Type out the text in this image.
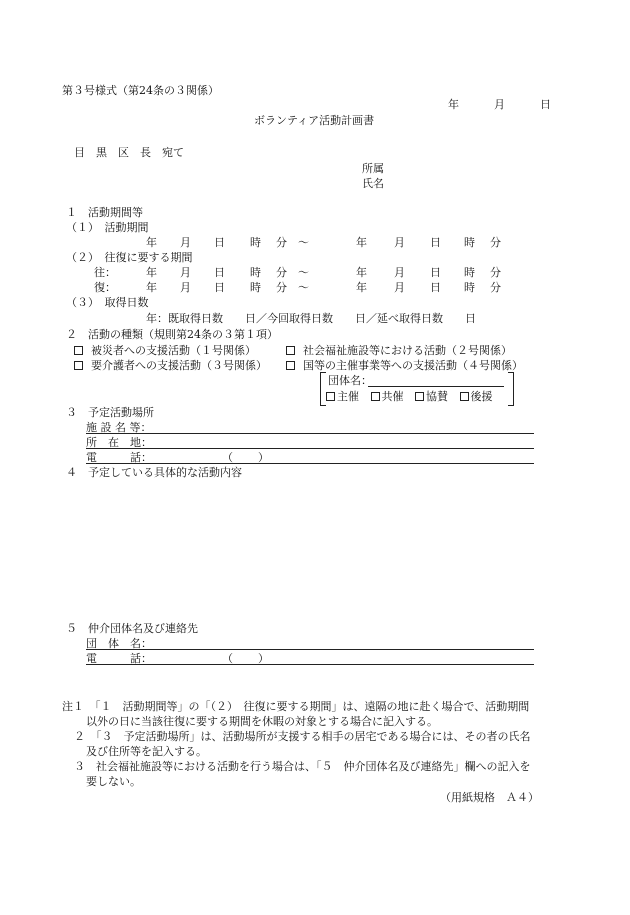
第３号様式（第24条の３関係）
年	月	日
ボランティア活動計画書
目　黒　区　長　宛て
所属
氏名
１　活動期間等
（１）　活動期間
年 月 日 時 分 〜	年 月 日 時 分
（２）　往復に要する期間
往：	年 月 日 時 分 〜	年 月 日 時 分
復：	年 月 日 時 分 〜	年 月 日 時 分
（３）　取得日数
年：既取得日数　　日／今回取得日数　　日／延べ取得日数　　日
２　活動の種類（規則第24条の３第１項）
被災者への支援活動（１号関係）	社会福祉施設等における活動（２号関係）
要介護者への支援活動（３号関係）	国等の主催事業等への支援活動（４号関係）
団体名：
主催 共催 協賛 後援
３　予定活動場所
施 設 名 等：
所　在　地：
電　　　話：	（ ）
４　予定している具体的な活動内容
５　仲介団体名及び連絡先
団　体　名：
電　　　話：	（ ）
注１　「１　活動期間等」の「（２）　往復に要する期間」は、遠隔の地に赴く場合で、活動期間
以外の日に当該往復に要する期間を休暇の対象とする場合に記入する。
２　「３　予定活動場所」は、活動場所が支援する相手の居宅である場合には、その者の氏名
及び住所等を記入する。
３　社会福祉施設等における活動を行う場合は、「５　仲介団体名及び連絡先」欄への記入を
要しない。
（用紙規格　Ａ４）
